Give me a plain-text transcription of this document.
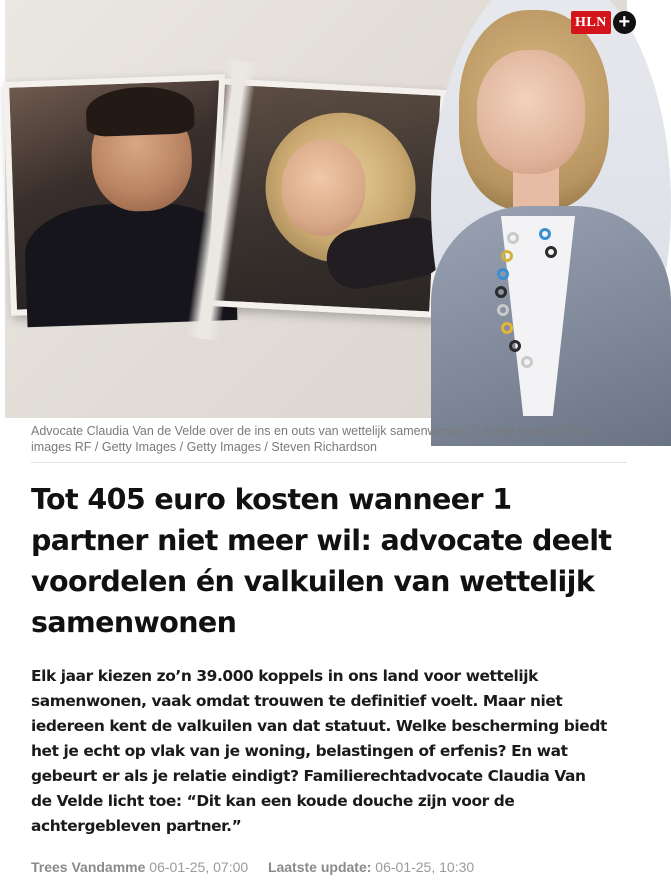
HLN +

Advocate Claudia Van de Velde over de ins en outs van wettelijk samenwonen. © Getty Images/Tetra images RF / Getty Images / Getty Images / Steven Richardson

Tot 405 euro kosten wanneer 1 partner niet meer wil: advocate deelt voordelen én valkuilen van wettelijk samenwonen

Elk jaar kiezen zo’n 39.000 koppels in ons land voor wettelijk samenwonen, vaak omdat trouwen te definitief voelt. Maar niet iedereen kent de valkuilen van dat statuut. Welke bescherming biedt het je echt op vlak van je woning, belastingen of erfenis? En wat gebeurt er als je relatie eindigt? Familierechtadvocate Claudia Van de Velde licht toe: “Dit kan een koude douche zijn voor de achtergebleven partner.”

Trees Vandamme 06-01-25, 07:00 Laatste update: 06-01-25, 10:30
